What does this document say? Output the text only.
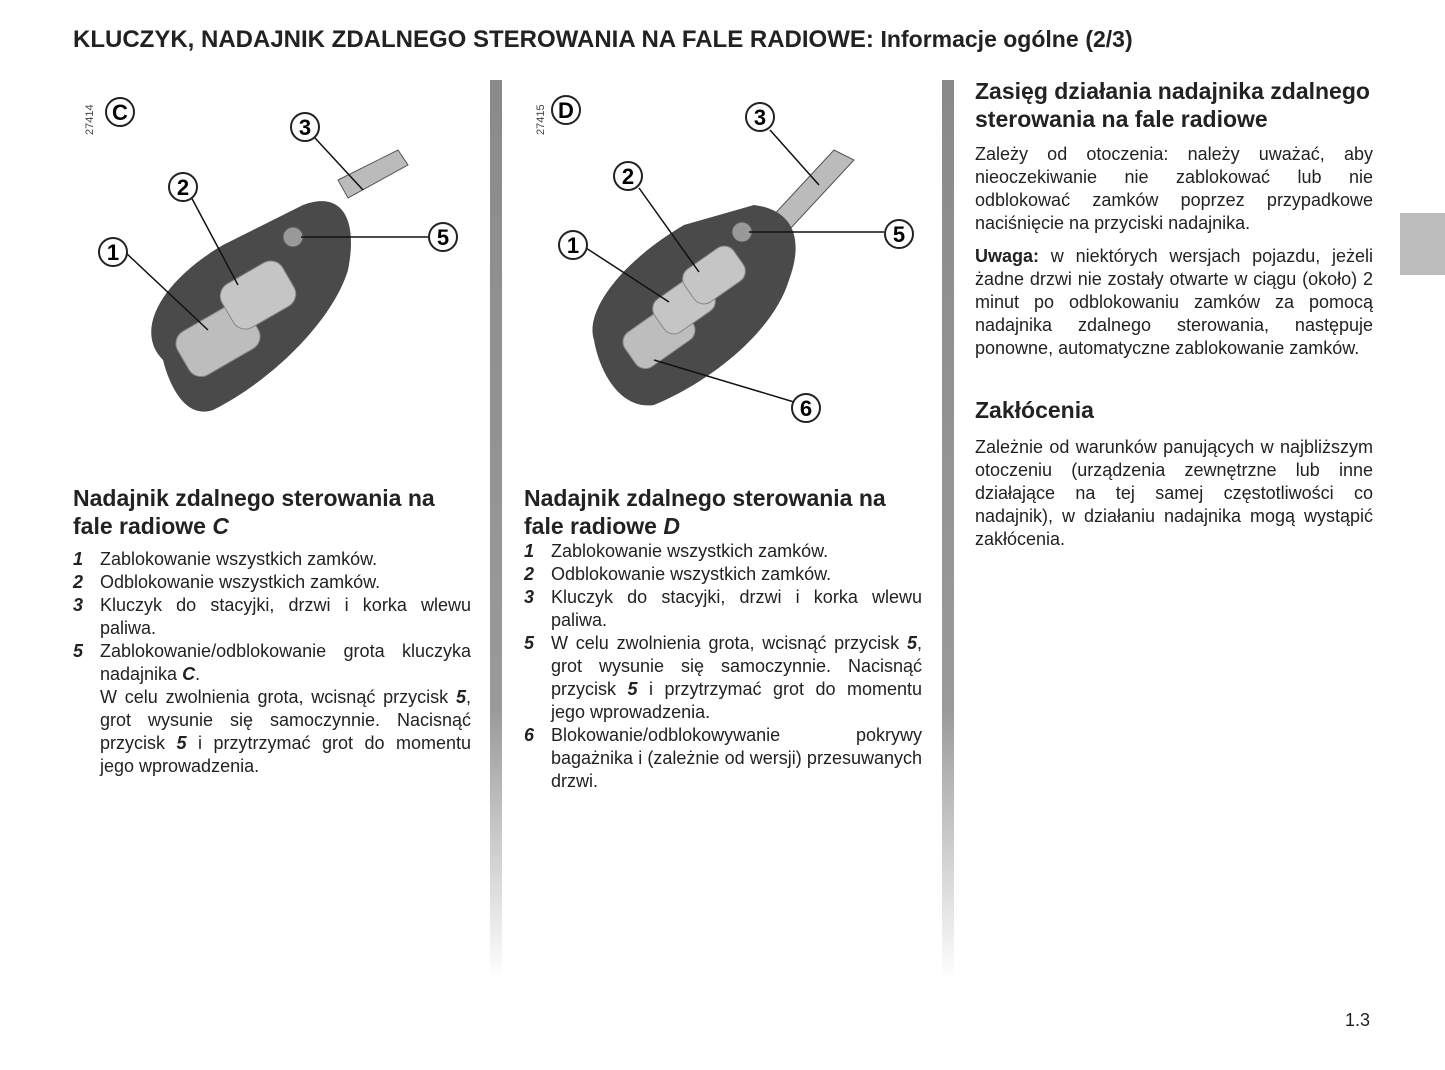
KLUCZYK, NADAJNIK ZDALNEGO STEROWANIA NA FALE RADIOWE: Informacje ogólne (2/3)
27414 C
1
2
3
5
27415 D
1
2
3
5
6
Nadajnik zdalnego sterowania na fale radiowe C
1 Zablokowanie wszystkich zamków.
2 Odblokowanie wszystkich zamków.
3 Kluczyk do stacyjki, drzwi i korka wlewu paliwa.
5 Zablokowanie/odblokowanie grota kluczyka nadajnika C.
W celu zwolnienia grota, wcisnąć przycisk 5, grot wysunie się samoczynnie. Nacisnąć przycisk 5 i przytrzymać grot do momentu jego wprowadzenia.
Nadajnik zdalnego sterowania na fale radiowe D
1 Zablokowanie wszystkich zamków.
2 Odblokowanie wszystkich zamków.
3 Kluczyk do stacyjki, drzwi i korka wlewu paliwa.
5 W celu zwolnienia grota, wcisnąć przycisk 5, grot wysunie się samoczynnie. Nacisnąć przycisk 5 i przytrzymać grot do momentu jego wprowadzenia.
6 Blokowanie/odblokowywanie pokrywy bagażnika i (zależnie od wersji) przesuwanych drzwi.
Zasięg działania nadajnika zdalnego sterowania na fale radiowe

Zależy od otoczenia: należy uważać, aby nieoczekiwanie nie zablokować lub nie odblokować zamków poprzez przypadkowe naciśnięcie na przyciski nadajnika.

Uwaga: w niektórych wersjach pojazdu, jeżeli żadne drzwi nie zostały otwarte w ciągu (około) 2 minut po odblokowaniu zamków za pomocą nadajnika zdalnego sterowania, następuje ponowne, automatyczne zablokowanie zamków.

Zakłócenia

Zależnie od warunków panujących w najbliższym otoczeniu (urządzenia zewnętrzne lub inne działające na tej samej częstotliwości co nadajnik), w działaniu nadajnika mogą wystąpić zakłócenia.

1.3
